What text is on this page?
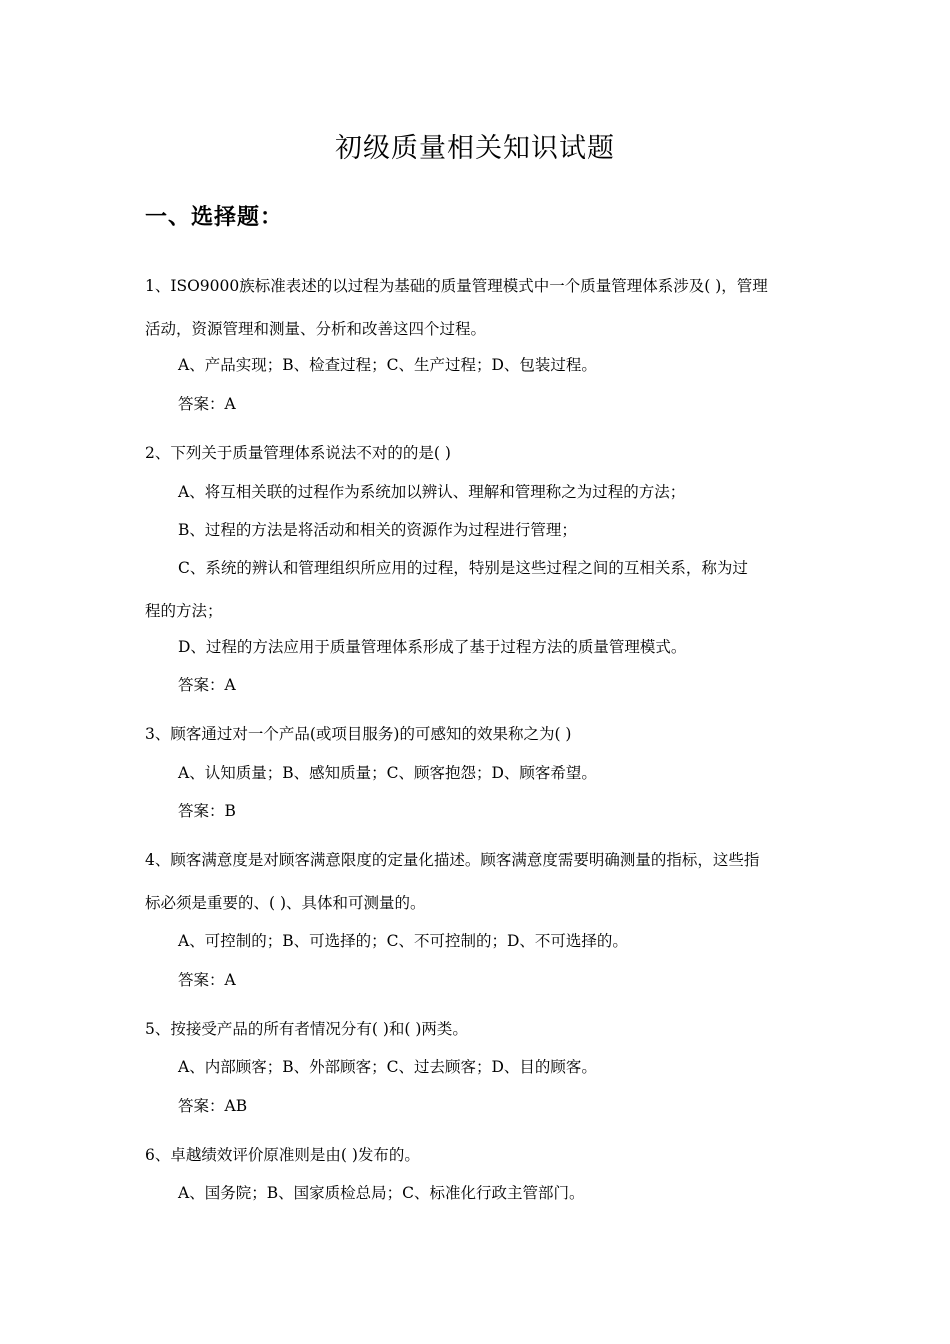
初级质量相关知识试题
一、选择题：
1、ISO9000族标准表述的以过程为基础的质量管理模式中一个质量管理体系涉及( )，管理
活动，资源管理和测量、分析和改善这四个过程。
A、产品实现；B、检查过程；C、生产过程；D、包装过程。
答案：A
2、下列关于质量管理体系说法不对的的是( )
A、将互相关联的过程作为系统加以辨认、理解和管理称之为过程的方法；
B、过程的方法是将活动和相关的资源作为过程进行管理；
C、系统的辨认和管理组织所应用的过程，特别是这些过程之间的互相关系，称为过
程的方法；
D、过程的方法应用于质量管理体系形成了基于过程方法的质量管理模式。
答案：A
3、顾客通过对一个产品(或项目服务)的可感知的效果称之为( )
A、认知质量；B、感知质量；C、顾客抱怨；D、顾客希望。
答案：B
4、顾客满意度是对顾客满意限度的定量化描述。顾客满意度需要明确测量的指标，这些指
标必须是重要的、( )、具体和可测量的。
A、可控制的；B、可选择的；C、不可控制的；D、不可选择的。
答案：A
5、按接受产品的所有者情况分有( )和( )两类。
A、内部顾客；B、外部顾客；C、过去顾客；D、目的顾客。
答案：AB
6、卓越绩效评价原准则是由( )发布的。
A、国务院；B、国家质检总局；C、标准化行政主管部门。
